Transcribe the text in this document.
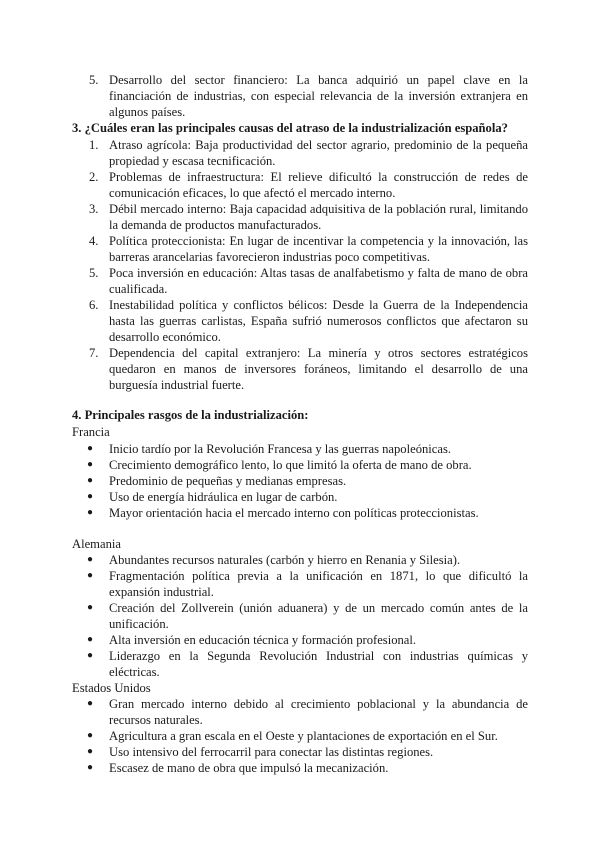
5. Desarrollo del sector financiero: La banca adquirió un papel clave en la financiación de industrias, con especial relevancia de la inversión extranjera en algunos países.
3. ¿Cuáles eran las principales causas del atraso de la industrialización española?
1. Atraso agrícola: Baja productividad del sector agrario, predominio de la pequeña propiedad y escasa tecnificación.
2. Problemas de infraestructura: El relieve dificultó la construcción de redes de comunicación eficaces, lo que afectó el mercado interno.
3. Débil mercado interno: Baja capacidad adquisitiva de la población rural, limitando la demanda de productos manufacturados.
4. Política proteccionista: En lugar de incentivar la competencia y la innovación, las barreras arancelarias favorecieron industrias poco competitivas.
5. Poca inversión en educación: Altas tasas de analfabetismo y falta de mano de obra cualificada.
6. Inestabilidad política y conflictos bélicos: Desde la Guerra de la Independencia hasta las guerras carlistas, España sufrió numerosos conflictos que afectaron su desarrollo económico.
7. Dependencia del capital extranjero: La minería y otros sectores estratégicos quedaron en manos de inversores foráneos, limitando el desarrollo de una burguesía industrial fuerte.
4. Principales rasgos de la industrialización:
Francia
● Inicio tardío por la Revolución Francesa y las guerras napoleónicas.
● Crecimiento demográfico lento, lo que limitó la oferta de mano de obra.
● Predominio de pequeñas y medianas empresas.
● Uso de energía hidráulica en lugar de carbón.
● Mayor orientación hacia el mercado interno con políticas proteccionistas.
Alemania
● Abundantes recursos naturales (carbón y hierro en Renania y Silesia).
● Fragmentación política previa a la unificación en 1871, lo que dificultó la expansión industrial.
● Creación del Zollverein (unión aduanera) y de un mercado común antes de la unificación.
● Alta inversión en educación técnica y formación profesional.
● Liderazgo en la Segunda Revolución Industrial con industrias químicas y eléctricas.
Estados Unidos
● Gran mercado interno debido al crecimiento poblacional y la abundancia de recursos naturales.
● Agricultura a gran escala en el Oeste y plantaciones de exportación en el Sur.
● Uso intensivo del ferrocarril para conectar las distintas regiones.
● Escasez de mano de obra que impulsó la mecanización.
